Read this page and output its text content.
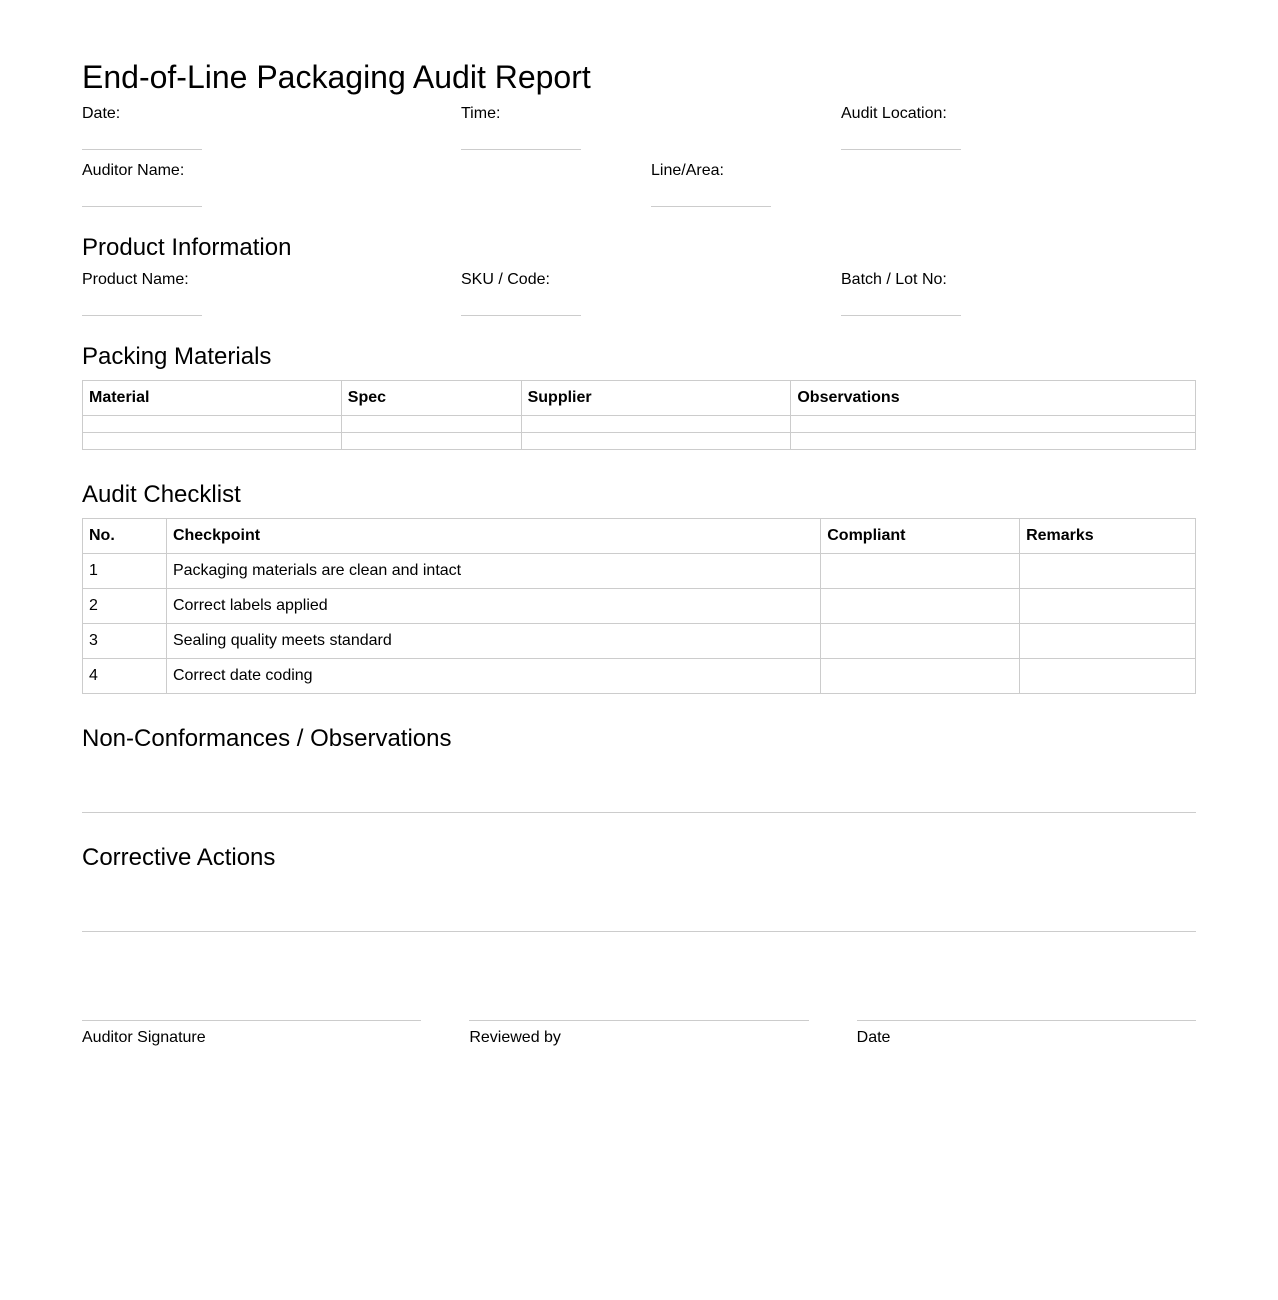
End-of-Line Packaging Audit Report
Date:	Time:	Audit Location:
Auditor Name:	Line/Area:
Product Information
Product Name:	SKU / Code:	Batch / Lot No:
Packing Materials
Material	Spec	Supplier	Observations

Audit Checklist
No.	Checkpoint	Compliant	Remarks
1	Packaging materials are clean and intact		
2	Correct labels applied		
3	Sealing quality meets standard		
4	Correct date coding		
Non-Conformances / Observations
Corrective Actions
Auditor Signature	Reviewed by	Date
